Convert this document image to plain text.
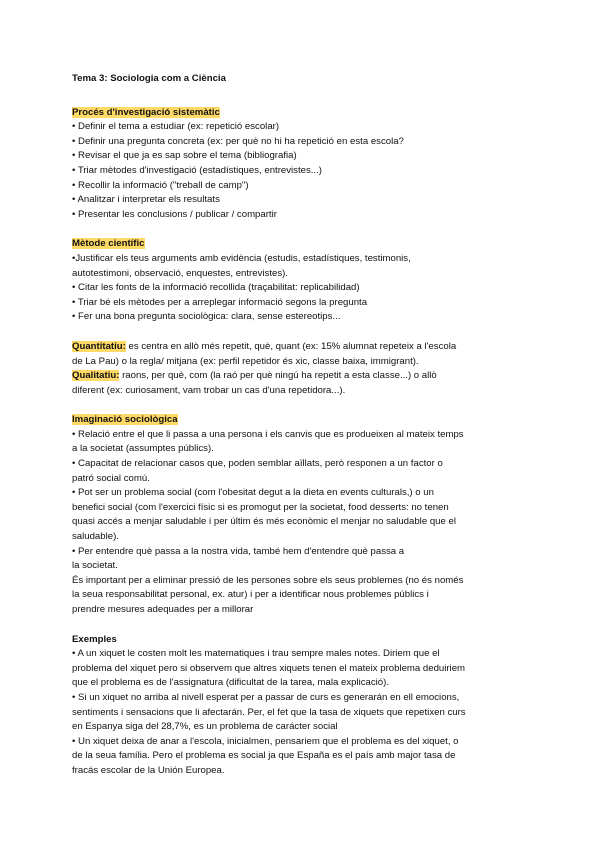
Tema 3: Sociologia com a Ciència

Procés d'investigació sistemàtic

• Definir el tema a estudiar (ex: repetició escolar)

• Definir una pregunta concreta (ex: per què no hi ha repetició en esta escola?

• Revisar el que ja es sap sobre el tema (bibliografia)

• Triar mètodes d'investigació (estadístiques, entrevistes...)

• Recollir la informació ("treball de camp")

• Analitzar i interpretar els resultats

• Presentar les conclusions / publicar / compartir

Mètode científic

•Justificar els teus arguments amb evidència (estudis, estadístiques, testimonis,

autotestimoni, observació, enquestes, entrevistes).

• Citar les fonts de la informació recollida (traçabilitat: replicabilidad)

• Triar bé els mètodes per a arreplegar informació segons la pregunta

• Fer una bona pregunta sociològica: clara, sense estereotips...

Quantitatiu: es centra en allò més repetit, què, quant (ex: 15% alumnat repeteix a l'escola

de La Pau) o la regla/ mitjana (ex: perfil repetidor és xic, classe baixa, immigrant).

Qualitatiu: raons, per què, com (la raó per què ningú ha repetit a esta classe...) o allò

diferent (ex: curiosament, vam trobar un cas d'una repetidora...).

Imaginació sociològica

• Relació entre el que li passa a una persona i els canvis que es produeixen al mateix temps

a la societat (assumptes públics).

• Capacitat de relacionar casos que, poden semblar aïllats, però responen a un factor o

patró social comú.

• Pot ser un problema social (com l'obesitat degut a la dieta en events culturals,) o un

benefici social (com l'exercici físic si es promogut per la societat, food desserts: no tenen

quasi accés a menjar saludable i per últim és més econòmic el menjar no saludable que el

saludable).

• Per entendre què passa a la nostra vida, també hem d'entendre què passa a

la societat.

És important per a eliminar pressió de les persones sobre els seus problemes (no és només

la seua responsabilitat personal, ex. atur) i per a identificar nous problemes públics i

prendre mesures adequades per a millorar

Exemples

• A un xiquet le costen molt les matematiques i trau sempre males notes. Diriem que el

problema del xiquet pero si observem que altres xiquets tenen el mateix problema deduiriem

que el problema es de l'assignatura (dificultat de la tarea, mala explicació).

• Si un xiquet no arriba al nivell esperat per a passar de curs es generarán en ell emocions,

sentiments i sensacions que li afectarán. Per, el fet que la tasa de xiquets que repetixen curs

en Espanya siga del 28,7%, es un problema de carácter social

• Un xiquet deixa de anar a l'escola, inicialmen, pensariem que el problema es del xiquet, o

de la seua família. Pero el problema es social ja que España es el país amb major tasa de

fracás escolar de la Unión Europea.
